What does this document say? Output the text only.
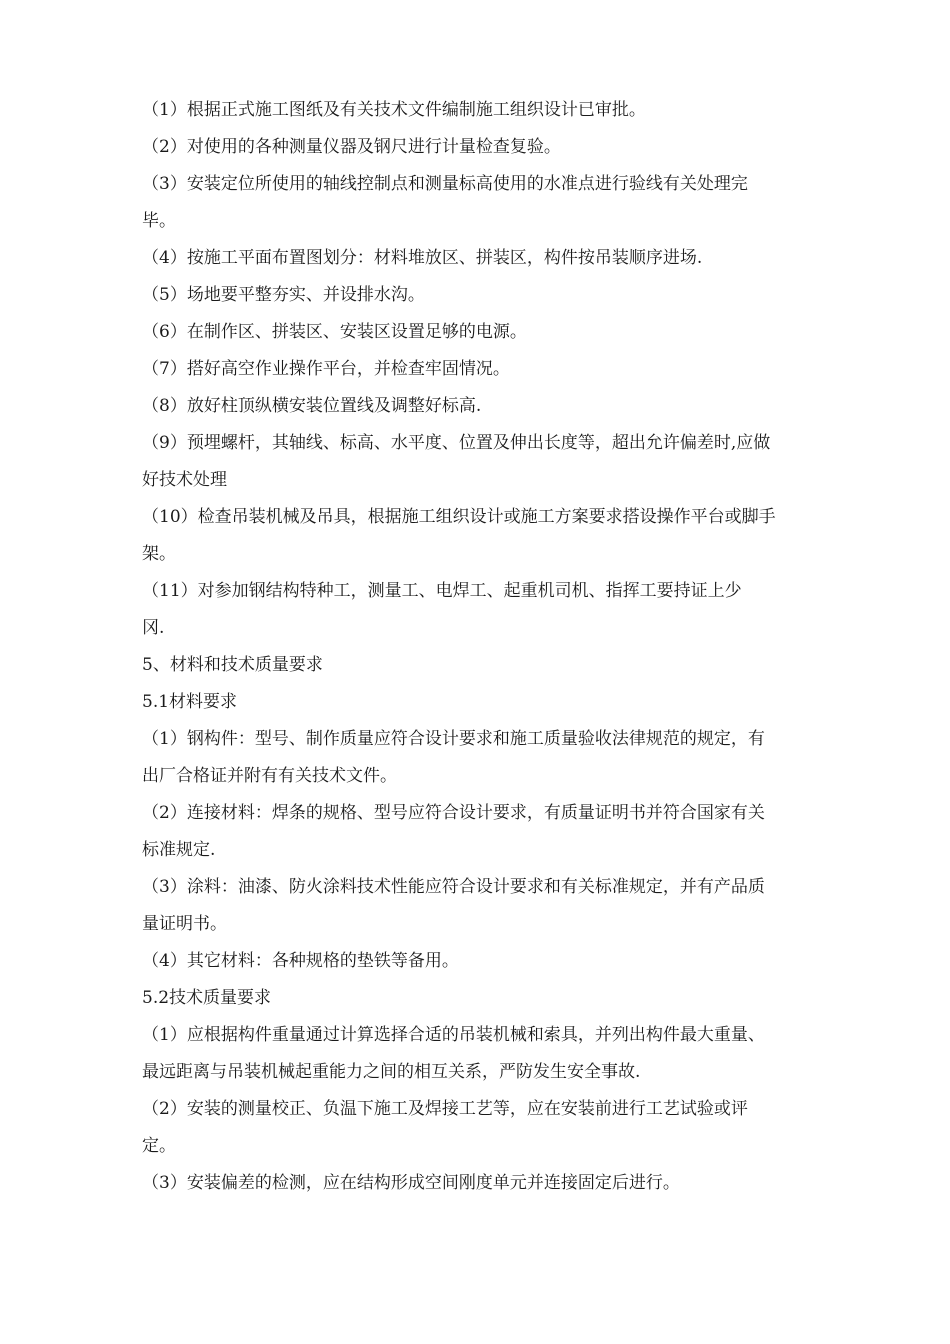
（1）根据正式施工图纸及有关技术文件编制施工组织设计已审批。
（2）对使用的各种测量仪器及钢尺进行计量检查复验。
（3）安装定位所使用的轴线控制点和测量标高使用的水准点进行验线有关处理完
毕。
（4）按施工平面布置图划分：材料堆放区、拼装区，构件按吊装顺序进场.
（5）场地要平整夯实、并设排水沟。
（6）在制作区、拼装区、安装区设置足够的电源。
（7）搭好高空作业操作平台，并检查牢固情况。
（8）放好柱顶纵横安装位置线及调整好标高.
（9）预埋螺杆，其轴线、标高、水平度、位置及伸出长度等，超出允许偏差时,应做
好技术处理
（10）检查吊装机械及吊具，根据施工组织设计或施工方案要求搭设操作平台或脚手
架。
（11）对参加钢结构特种工，测量工、电焊工、起重机司机、指挥工要持证上少
冈.
5、材料和技术质量要求
5.1材料要求
（1）钢构件：型号、制作质量应符合设计要求和施工质量验收法律规范的规定，有
出厂合格证并附有有关技术文件。
（2）连接材料：焊条的规格、型号应符合设计要求，有质量证明书并符合国家有关
标准规定.
（3）涂料：油漆、防火涂料技术性能应符合设计要求和有关标准规定，并有产品质
量证明书。
（4）其它材料：各种规格的垫铁等备用。
5.2技术质量要求
（1）应根据构件重量通过计算选择合适的吊装机械和索具，并列出构件最大重量、
最远距离与吊装机械起重能力之间的相互关系，严防发生安全事故.
（2）安装的测量校正、负温下施工及焊接工艺等，应在安装前进行工艺试验或评
定。
（3）安装偏差的检测，应在结构形成空间刚度单元并连接固定后进行。
